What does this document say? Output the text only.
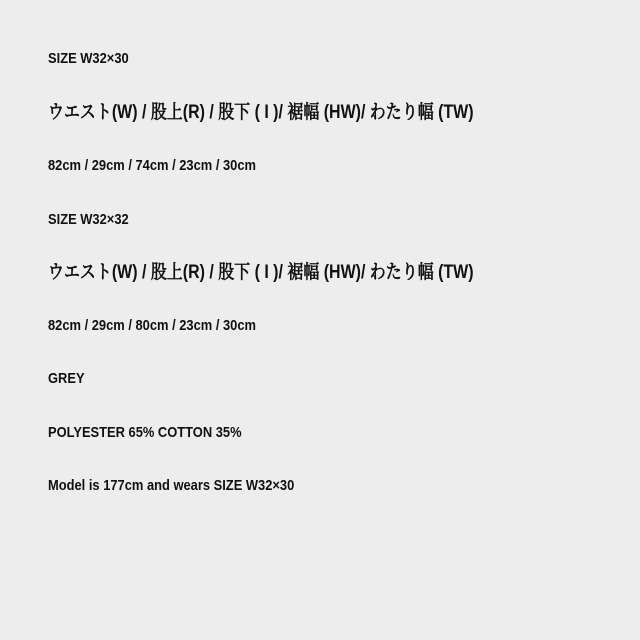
SIZE W32×30

ウエスト(W) / 股上(R) / 股下 ( I )/ 裾幅 (HW)/ わたり幅 (TW)

82cm / 29cm / 74cm / 23cm / 30cm

SIZE W32×32

ウエスト(W) / 股上(R) / 股下 ( I )/ 裾幅 (HW)/ わたり幅 (TW)

82cm / 29cm / 80cm / 23cm / 30cm

GREY

POLYESTER 65% COTTON 35%

Model is 177cm and wears SIZE W32×30
